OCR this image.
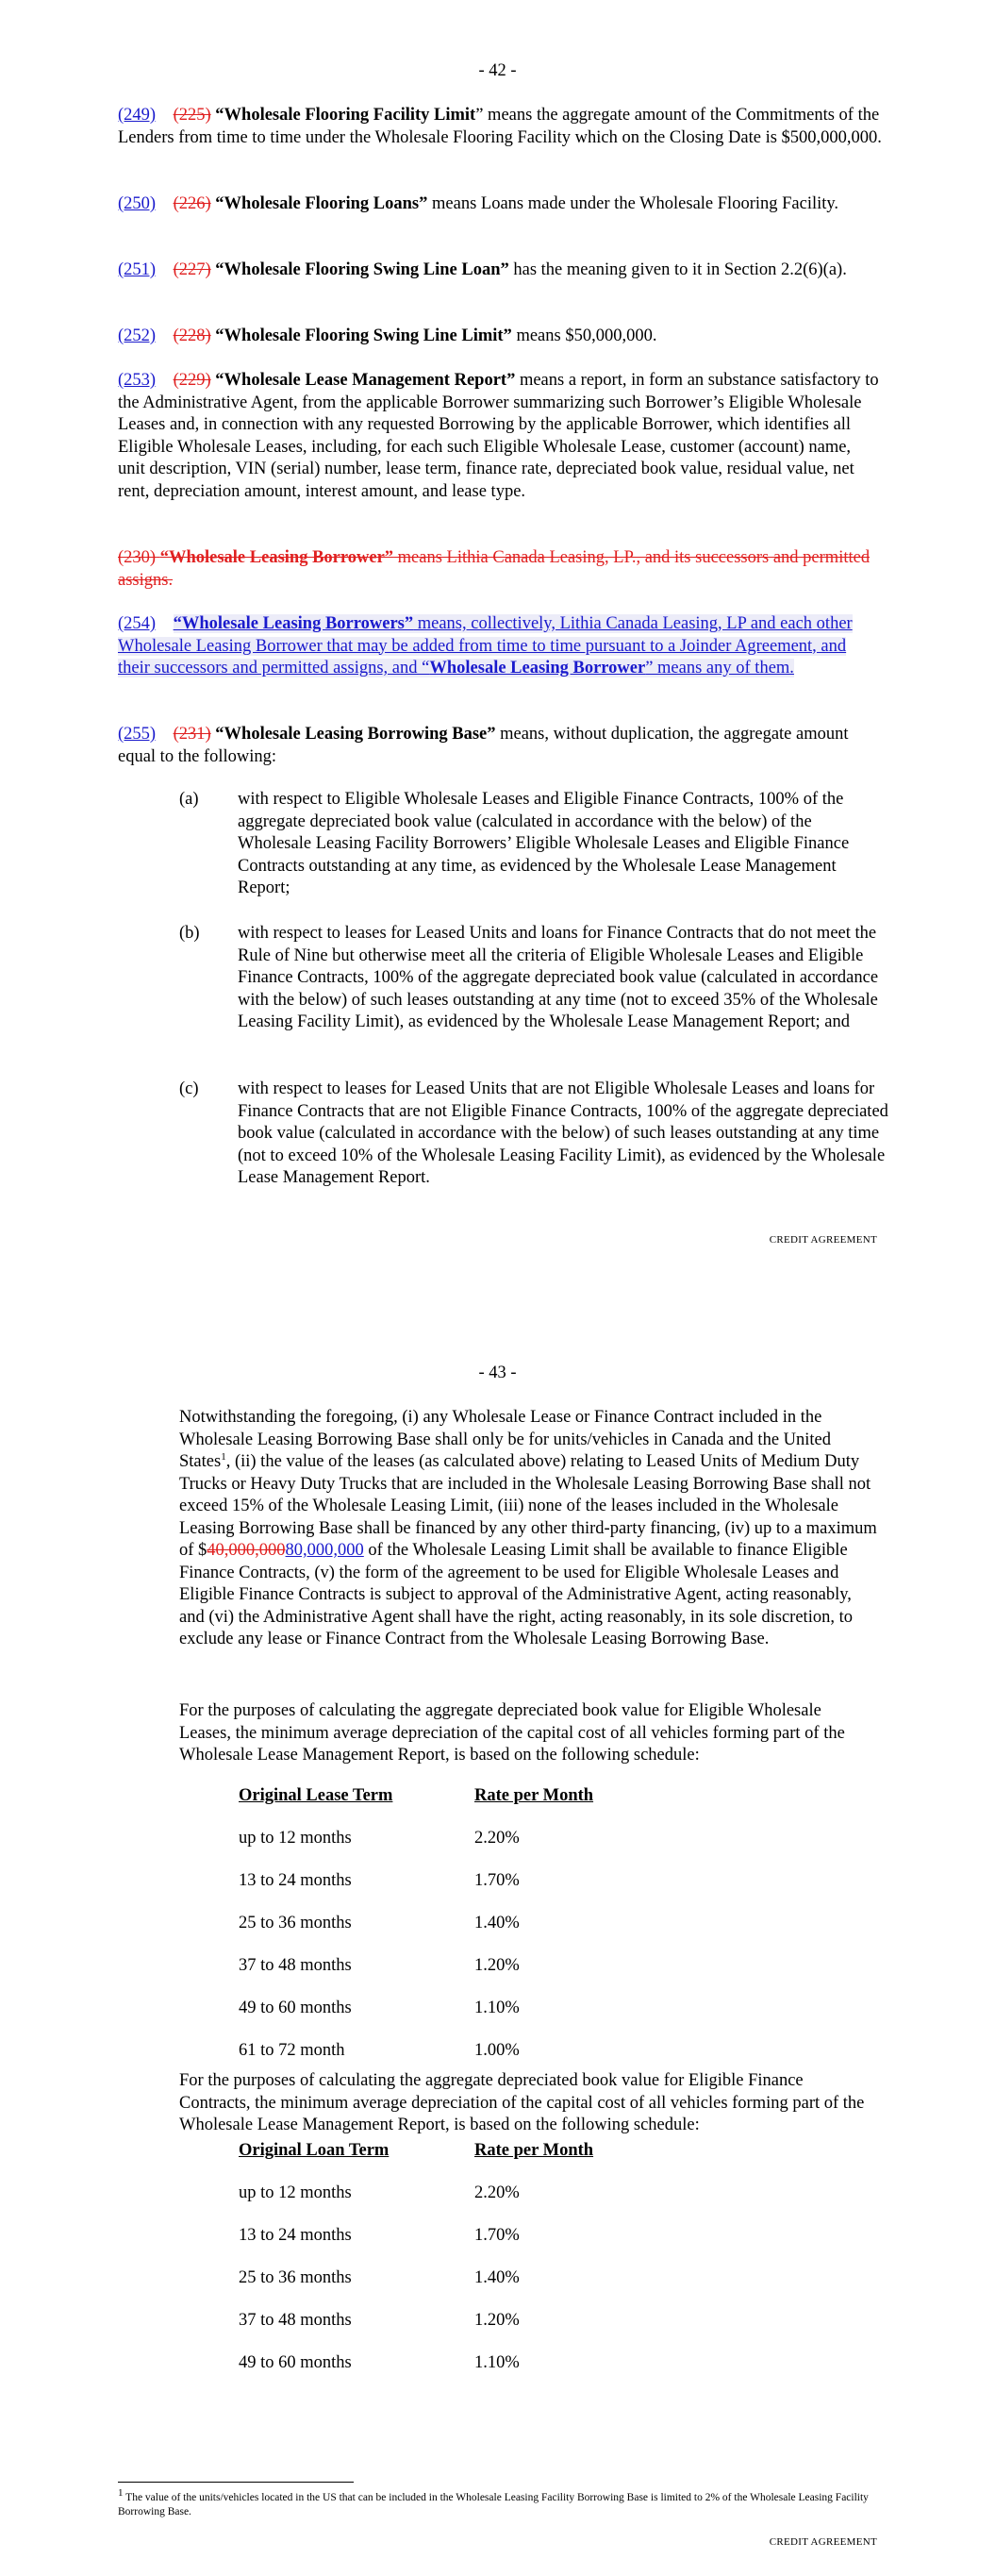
- 42 -

(249) (225) “Wholesale Flooring Facility Limit” means the aggregate amount of the Commitments of the Lenders from time to time under the Wholesale Flooring Facility which on the Closing Date is $500,000,000.

(250) (226) “Wholesale Flooring Loans” means Loans made under the Wholesale Flooring Facility.

(251) (227) “Wholesale Flooring Swing Line Loan” has the meaning given to it in Section 2.2(6)(a).

(252) (228) “Wholesale Flooring Swing Line Limit” means $50,000,000.

(253) (229) “Wholesale Lease Management Report” means a report, in form an substance satisfactory to the Administrative Agent, from the applicable Borrower summarizing such Borrower’s Eligible Wholesale Leases and, in connection with any requested Borrowing by the applicable Borrower, which identifies all Eligible Wholesale Leases, including, for each such Eligible Wholesale Lease, customer (account) name, unit description, VIN (serial) number, lease term, finance rate, depreciated book value, residual value, net rent, depreciation amount, interest amount, and lease type.

(230) “Wholesale Leasing Borrower” means Lithia Canada Leasing, LP., and its successors and permitted assigns.

(254) “Wholesale Leasing Borrowers” means, collectively, Lithia Canada Leasing, LP and each other Wholesale Leasing Borrower that may be added from time to time pursuant to a Joinder Agreement, and their successors and permitted assigns, and “Wholesale Leasing Borrower” means any of them.

(255) (231) “Wholesale Leasing Borrowing Base” means, without duplication, the aggregate amount equal to the following:

(a) with respect to Eligible Wholesale Leases and Eligible Finance Contracts, 100% of the aggregate depreciated book value (calculated in accordance with the below) of the Wholesale Leasing Facility Borrowers’ Eligible Wholesale Leases and Eligible Finance Contracts outstanding at any time, as evidenced by the Wholesale Lease Management Report;
(b) with respect to leases for Leased Units and loans for Finance Contracts that do not meet the Rule of Nine but otherwise meet all the criteria of Eligible Wholesale Leases and Eligible Finance Contracts, 100% of the aggregate depreciated book value (calculated in accordance with the below) of such leases outstanding at any time (not to exceed 35% of the Wholesale Leasing Facility Limit), as evidenced by the Wholesale Lease Management Report; and
(c) with respect to leases for Leased Units that are not Eligible Wholesale Leases and loans for Finance Contracts that are not Eligible Finance Contracts, 100% of the aggregate depreciated book value (calculated in accordance with the below) of such leases outstanding at any time (not to exceed 10% of the Wholesale Leasing Facility Limit), as evidenced by the Wholesale Lease Management Report.
CREDIT AGREEMENT
- 43 -

Notwithstanding the foregoing, (i) any Wholesale Lease or Finance Contract included in the Wholesale Leasing Borrowing Base shall only be for units/vehicles in Canada and the United States$^1$, (ii) the value of the leases (as calculated above) relating to Leased Units of Medium Duty Trucks or Heavy Duty Trucks that are included in the Wholesale Leasing Borrowing Base shall not exceed 15% of the Wholesale Leasing Limit, (iii) none of the leases included in the Wholesale Leasing Borrowing Base shall be financed by any other third-party financing, (iv) up to a maximum of $40,000,00080,000,000 of the Wholesale Leasing Limit shall be available to finance Eligible Finance Contracts, (v) the form of the agreement to be used for Eligible Wholesale Leases and Eligible Finance Contracts is subject to approval of the Administrative Agent, acting reasonably, and (vi) the Administrative Agent shall have the right, acting reasonably, in its sole discretion, to exclude any lease or Finance Contract from the Wholesale Leasing Borrowing Base.

For the purposes of calculating the aggregate depreciated book value for Eligible Wholesale Leases, the minimum average depreciation of the capital cost of all vehicles forming part of the Wholesale Lease Management Report, is based on the following schedule:

Original Lease Term	Rate per Month
up to 12 months	2.20%
13 to 24 months	1.70%
25 to 36 months	1.40%
37 to 48 months	1.20%
49 to 60 months	1.10%
61 to 72 month	1.00%

For the purposes of calculating the aggregate depreciated book value for Eligible Finance Contracts, the minimum average depreciation of the capital cost of all vehicles forming part of the Wholesale Lease Management Report, is based on the following schedule:

Original Loan Term	Rate per Month
up to 12 months	2.20%
13 to 24 months	1.70%
25 to 36 months	1.40%
37 to 48 months	1.20%
49 to 60 months	1.10%
$^1$ The value of the units/vehicles located in the US that can be included in the Wholesale Leasing Facility Borrowing Base is limited to 2% of the Wholesale Leasing Facility Borrowing Base.
CREDIT AGREEMENT
